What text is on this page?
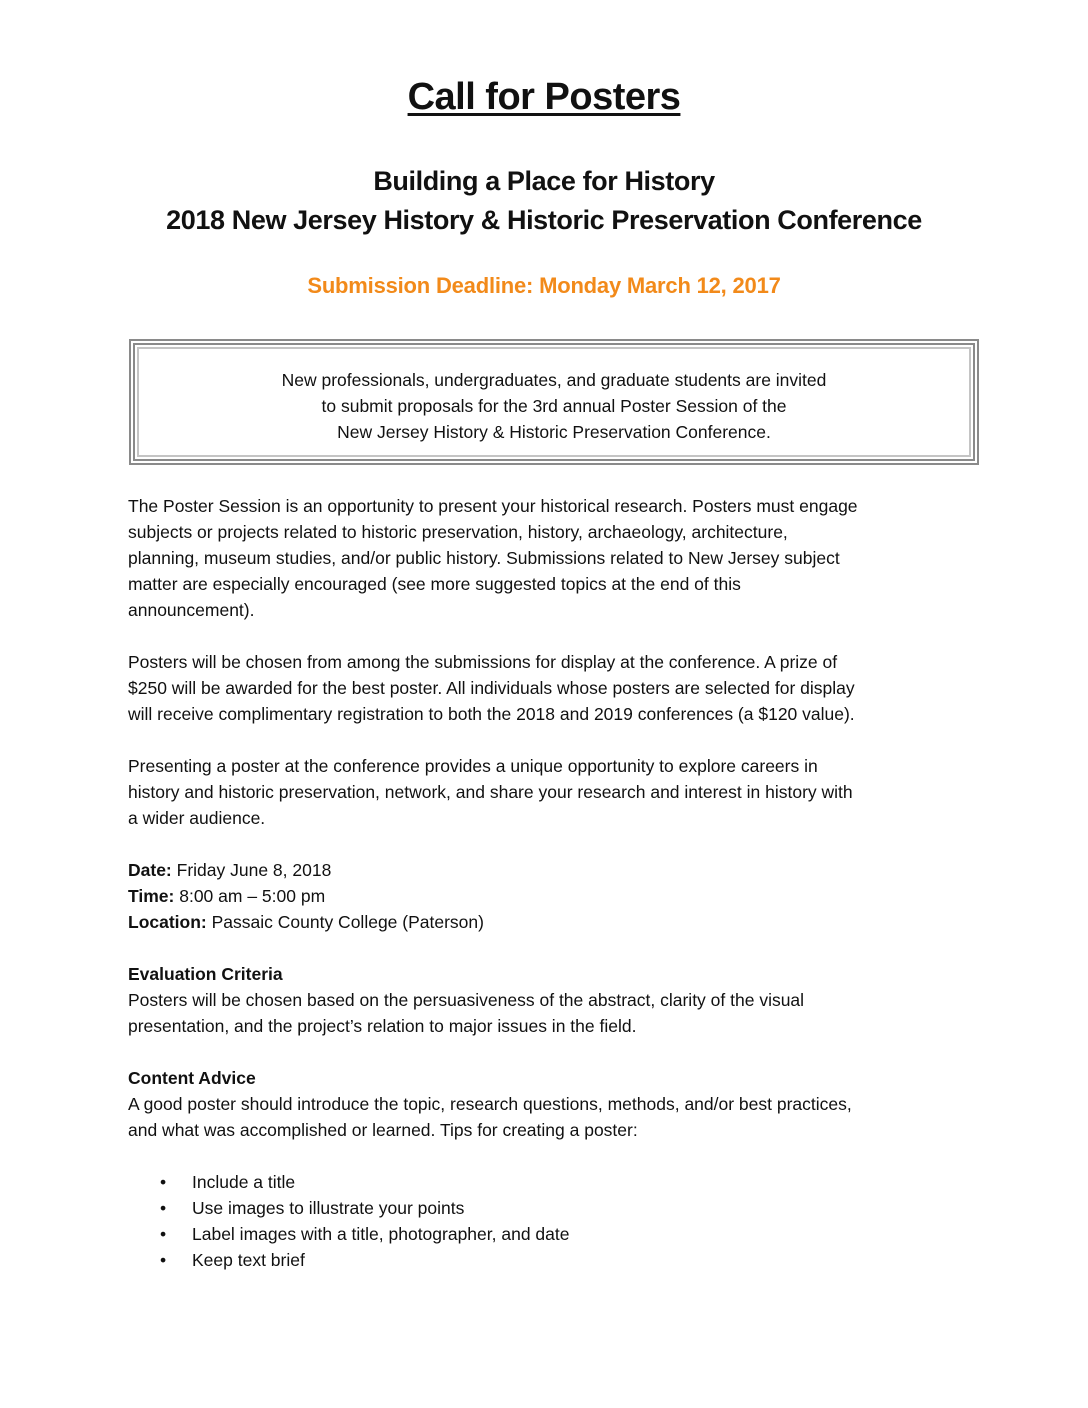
Call for Posters
Building a Place for History
2018 New Jersey History & Historic Preservation Conference

Submission Deadline: Monday March 12, 2017

New professionals, undergraduates, and graduate students are invited
to submit proposals for the 3rd annual Poster Session of the
New Jersey History & Historic Preservation Conference.

The Poster Session is an opportunity to present your historical research. Posters must engage
subjects or projects related to historic preservation, history, archaeology, architecture,
planning, museum studies, and/or public history. Submissions related to New Jersey subject
matter are especially encouraged (see more suggested topics at the end of this
announcement).

Posters will be chosen from among the submissions for display at the conference. A prize of
$250 will be awarded for the best poster. All individuals whose posters are selected for display
will receive complimentary registration to both the 2018 and 2019 conferences (a $120 value).

Presenting a poster at the conference provides a unique opportunity to explore careers in
history and historic preservation, network, and share your research and interest in history with
a wider audience.

Date: Friday June 8, 2018
Time: 8:00 am – 5:00 pm
Location: Passaic County College (Paterson)

Evaluation Criteria
Posters will be chosen based on the persuasiveness of the abstract, clarity of the visual
presentation, and the project’s relation to major issues in the field.

Content Advice
A good poster should introduce the topic, research questions, methods, and/or best practices,
and what was accomplished or learned. Tips for creating a poster:

• Include a title
• Use images to illustrate your points
• Label images with a title, photographer, and date
• Keep text brief
